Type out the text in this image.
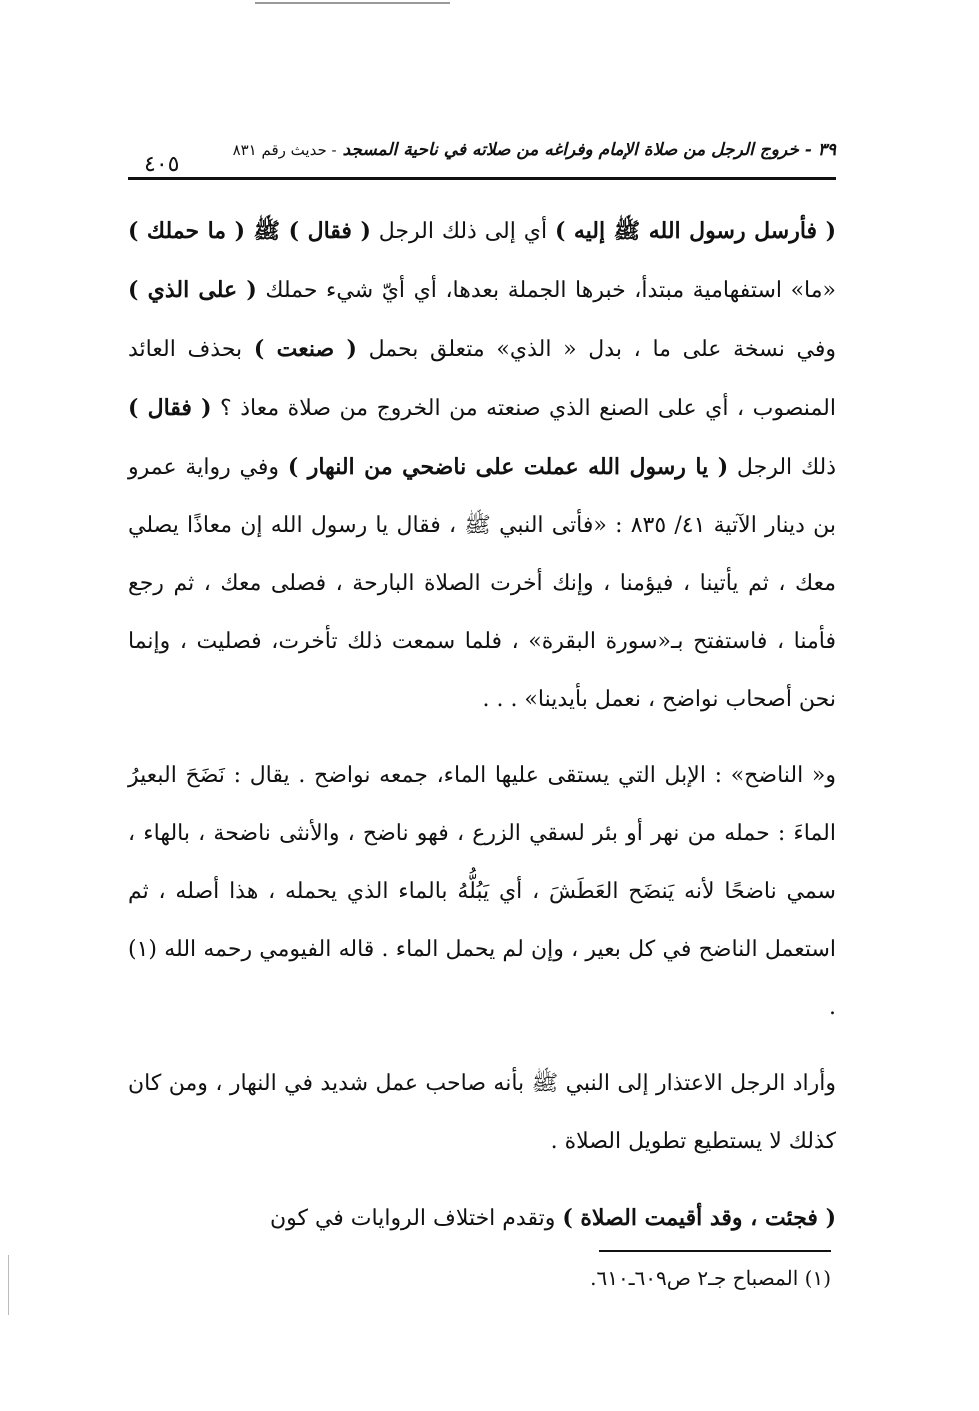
٤٠٥
٣٩ - خروج الرجل من صلاة الإمام وفراغه من صلاته في ناحية المسجد - حديث رقم ٨٣١

( فأرسل رسول الله ﷺ إليه ) أي إلى ذلك الرجل ( فقال ) ﷺ ( ما حملك ) «ما» استفهامية مبتدأ، خبرها الجملة بعدها، أي أيّ شيء حملك ( على الذي ) وفي نسخة على ما ، بدل « الذي» متعلق بحمل ( صنعت ) بحذف العائد المنصوب ، أي على الصنع الذي صنعته من الخروج من صلاة معاذ ؟ ( فقال ) ذلك الرجل ( يا رسول الله عملت على ناضحي من النهار ) وفي رواية عمرو بن دينار الآتية ٤١/ ٨٣٥ : «فأتى النبي ﷺ ، فقال يا رسول الله إن معاذًا يصلي معك ، ثم يأتينا ، فيؤمنا ، وإنك أخرت الصلاة البارحة ، فصلى معك ، ثم رجع فأمنا ، فاستفتح بـ«سورة البقرة» ، فلما سمعت ذلك تأخرت، فصليت ، وإنما نحن أصحاب نواضح ، نعمل بأيدينا» . . .

و« الناضح» : الإبل التي يستقى عليها الماء، جمعه نواضح . يقال : نَضَحَ البعيرُ الماءَ : حمله من نهر أو بئر لسقي الزرع ، فهو ناضح ، والأنثى ناضحة ، بالهاء ، سمي ناضحًا لأنه يَنضَح العَطَشَ ، أي يَبُلُّهُ بالماء الذي يحمله ، هذا أصله ، ثم استعمل الناضح في كل بعير ، وإن لم يحمل الماء . قاله الفيومي رحمه الله (١) .

وأراد الرجل الاعتذار إلى النبي ﷺ بأنه صاحب عمل شديد في النهار ، ومن كان كذلك لا يستطيع تطويل الصلاة .

( فجئت ، وقد أقيمت الصلاة ) وتقدم اختلاف الروايات في كون

(١) المصباح جـ٢ ص٦٠٩ـ٦١٠.
